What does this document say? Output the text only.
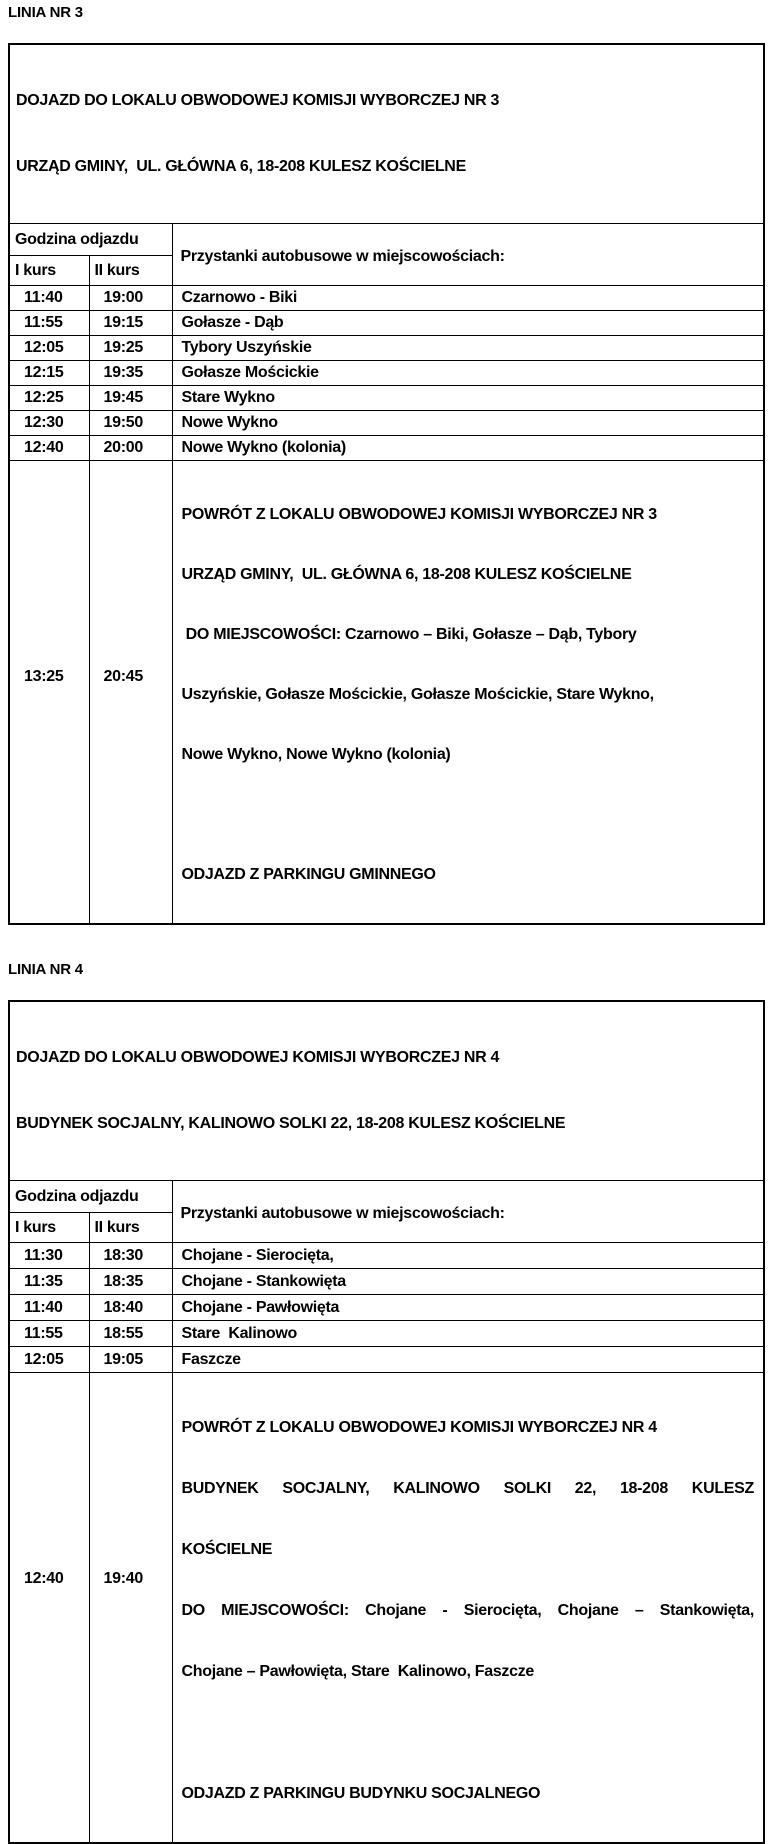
LINIA NR 3

DOJAZD DO LOKALU OBWODOWEJ KOMISJI WYBORCZEJ NR 3

URZĄD GMINY,  UL. GŁÓWNA 6, 18-208 KULESZ KOŚCIELNE		

Godzina odjazdu		Przystanki autobusowe w miejscowościach:
I kurs	II kurs	
11:40	19:00	Czarnowo - Biki
11:55	19:15	Gołasze - Dąb
12:05	19:25	Tybory Uszyńskie
12:15	19:35	Gołasze Mościckie
12:25	19:45	Stare Wykno
12:30	19:50	Nowe Wykno
12:40	20:00	Nowe Wykno (kolonia)
13:25	20:45	

POWRÓT Z LOKALU OBWODOWEJ KOMISJI WYBORCZEJ NR 3

URZĄD GMINY,  UL. GŁÓWNA 6, 18-208 KULESZ KOŚCIELNE

DO MIEJSCOWOŚCI: Czarnowo – Biki, Gołasze – Dąb, Tybory

Uszyńskie, Gołasze Mościckie, Gołasze Mościckie, Stare Wykno,

Nowe Wykno, Nowe Wykno (kolonia)

ODJAZD Z PARKINGU GMINNEGO

LINIA NR 4

DOJAZD DO LOKALU OBWODOWEJ KOMISJI WYBORCZEJ NR 4

BUDYNEK SOCJALNY, KALINOWO SOLKI 22, 18-208 KULESZ KOŚCIELNE		

Godzina odjazdu		Przystanki autobusowe w miejscowościach:
I kurs	II kurs	
11:30	18:30	Chojane - Sierocięta,
11:35	18:35	Chojane - Stankowięta
11:40	18:40	Chojane - Pawłowięta
11:55	18:55	Stare  Kalinowo
12:05	19:05	Faszcze
12:40	19:40	

POWRÓT Z LOKALU OBWODOWEJ KOMISJI WYBORCZEJ NR 4

BUDYNEK SOCJALNY, KALINOWO SOLKI 22, 18-208 KULESZ

KOŚCIELNE

DO MIEJSCOWOŚCI: Chojane - Sierocięta, Chojane – Stankowięta,

Chojane – Pawłowięta, Stare  Kalinowo, Faszcze

ODJAZD Z PARKINGU BUDYNKU SOCJALNEGO
